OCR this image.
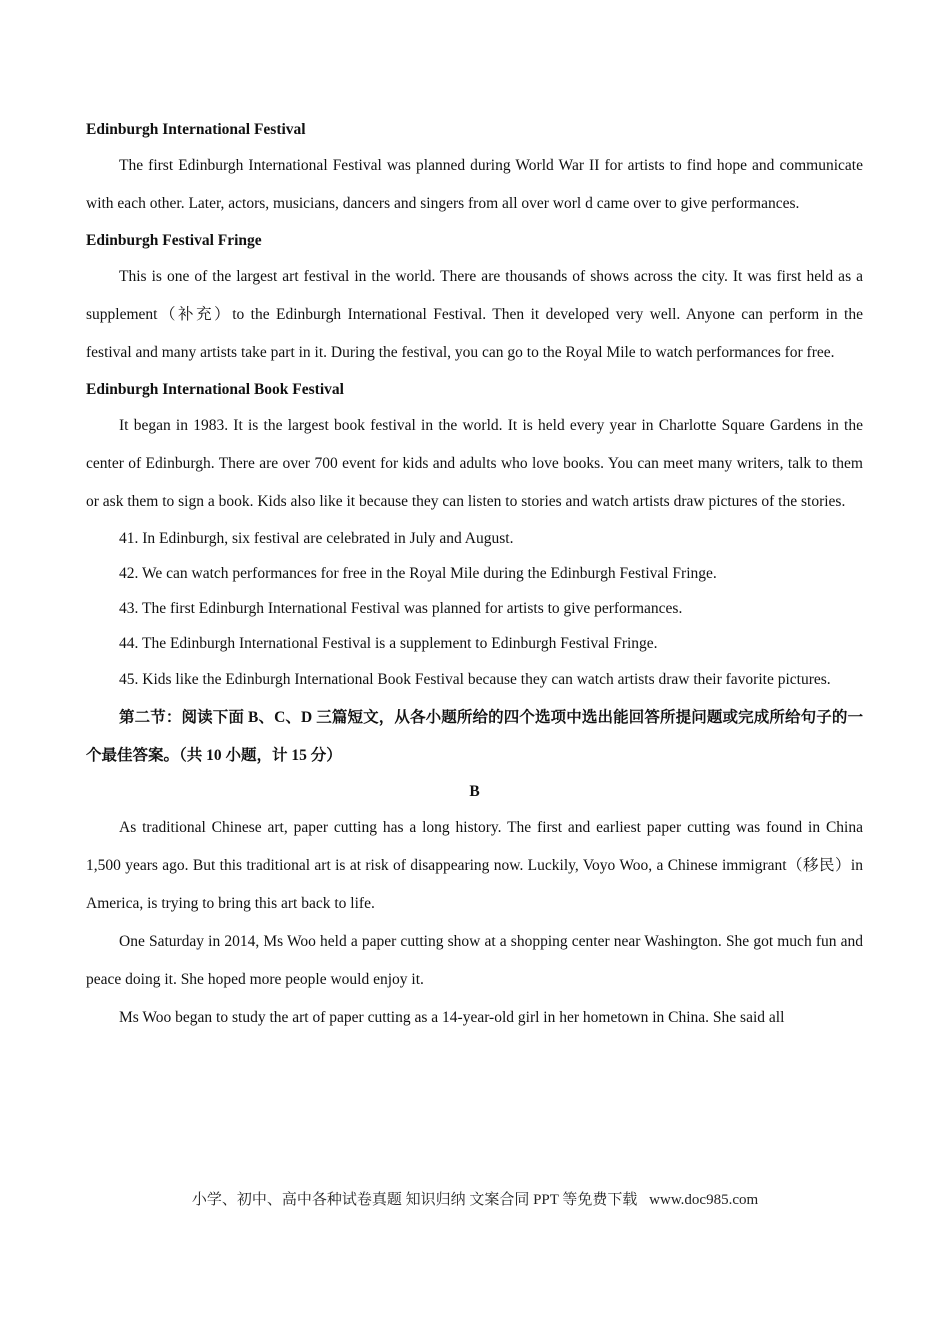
Edinburgh International Festival

The first Edinburgh International Festival was planned during World War II for artists to find hope and communicate with each other. Later, actors, musicians, dancers and singers from all over worl d came over to give performances.

Edinburgh Festival Fringe

This is one of the largest art festival in the world. There are thousands of shows across the city. It was first held as a supplement（补充）to the Edinburgh International Festival. Then it developed very well. Anyone can perform in the festival and many artists take part in it. During the festival, you can go to the Royal Mile to watch performances for free.

Edinburgh International Book Festival

It began in 1983. It is the largest book festival in the world. It is held every year in Charlotte Square Gardens in the center of Edinburgh. There are over 700 event for kids and adults who love books. You can meet many writers, talk to them or ask them to sign a book. Kids also like it because they can listen to stories and watch artists draw pictures of the stories.

41. In Edinburgh, six festival are celebrated in July and August.

42. We can watch performances for free in the Royal Mile during the Edinburgh Festival Fringe.

43. The first Edinburgh International Festival was planned for artists to give performances.

44. The Edinburgh International Festival is a supplement to Edinburgh Festival Fringe.

45. Kids like the Edinburgh International Book Festival because they can watch artists draw their favorite pictures.

第二节：阅读下面 B、C、D 三篇短文，从各小题所给的四个选项中选出能回答所提问题或完成所给句子的一个最佳答案。（共 10 小题，计 15 分）

B

As traditional Chinese art, paper cutting has a long history. The first and earliest paper cutting was found in China 1,500 years ago. But this traditional art is at risk of disappearing now. Luckily, Voyo Woo, a Chinese immigrant（移民）in America, is trying to bring this art back to life.

One Saturday in 2014, Ms Woo held a paper cutting show at a shopping center near Washington. She got much fun and peace doing it. She hoped more people would enjoy it.

Ms Woo began to study the art of paper cutting as a 14-year-old girl in her hometown in China. She said all

小学、初中、高中各种试卷真题 知识归纳 文案合同 PPT 等免费下载 www.doc985.com
